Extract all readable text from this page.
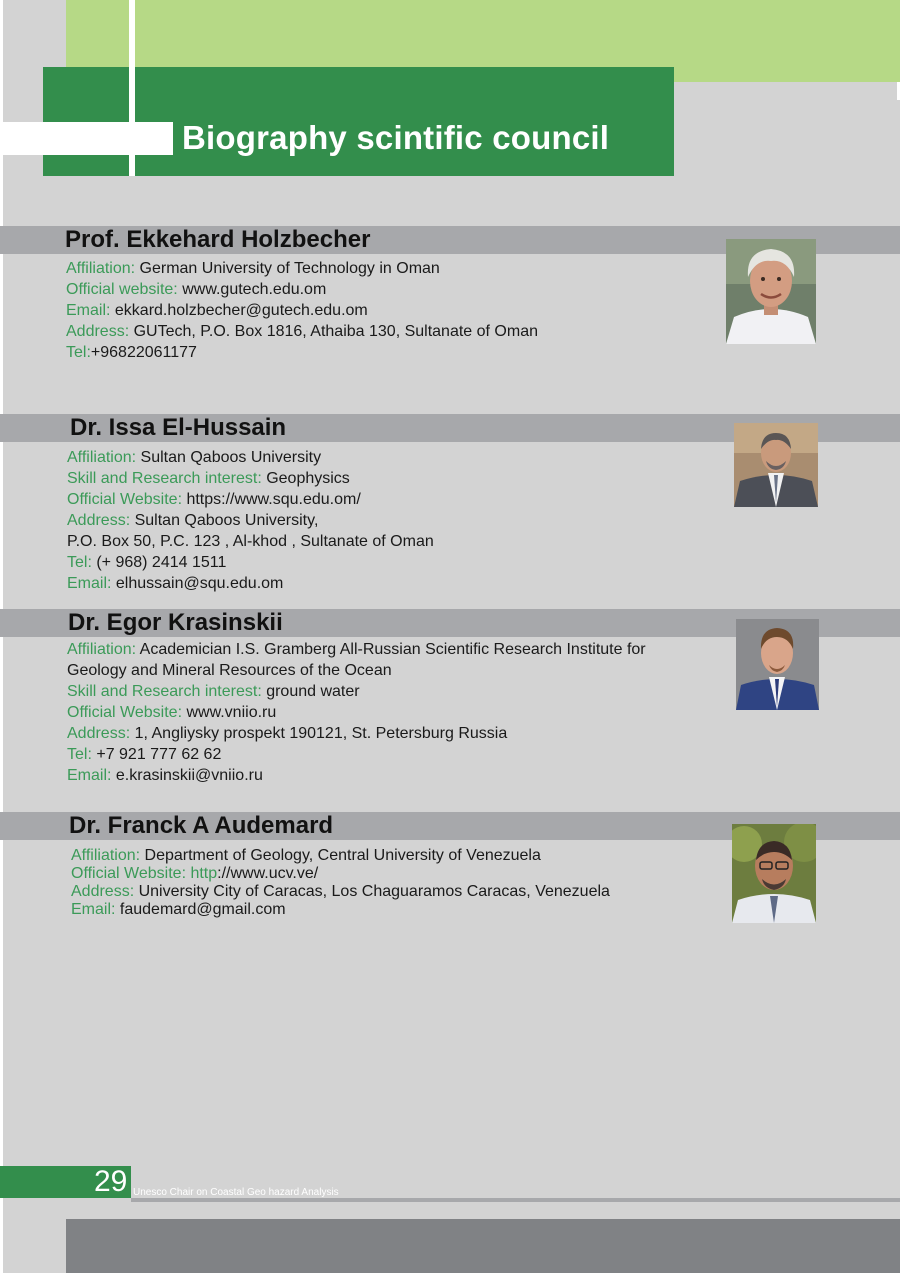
Biography scintific council
Prof. Ekkehard Holzbecher
Affiliation: German University of Technology in Oman
Official website: www.gutech.edu.om
Email: ekkard.holzbecher@gutech.edu.om
Address: GUTech, P.O. Box 1816, Athaiba 130, Sultanate of Oman
Tel:+96822061177
Dr. Issa El-Hussain
Affiliation: Sultan Qaboos University
Skill and Research interest: Geophysics
Official Website: https://www.squ.edu.om/
Address: Sultan Qaboos University,
P.O. Box 50, P.C. 123 , Al-khod , Sultanate of Oman
Tel: (+ 968) 2414 1511
Email: elhussain@squ.edu.om
Dr. Egor Krasinskii
Affiliation: Academician I.S. Gramberg All-Russian Scientific Research Institute for
Geology and Mineral Resources of the Ocean
Skill and Research interest: ground water
Official Website: www.vniio.ru
Address: 1, Angliysky prospekt 190121, St. Petersburg Russia
Tel: +7 921 777 62 62
Email: e.krasinskii@vniio.ru
Dr. Franck A Audemard
Affiliation: Department of Geology, Central University of Venezuela
Official Website: http://www.ucv.ve/
Address: University City of Caracas, Los Chaguaramos Caracas, Venezuela
Email: faudemard@gmail.com
29 Unesco Chair on Coastal Geo hazard Analysis
